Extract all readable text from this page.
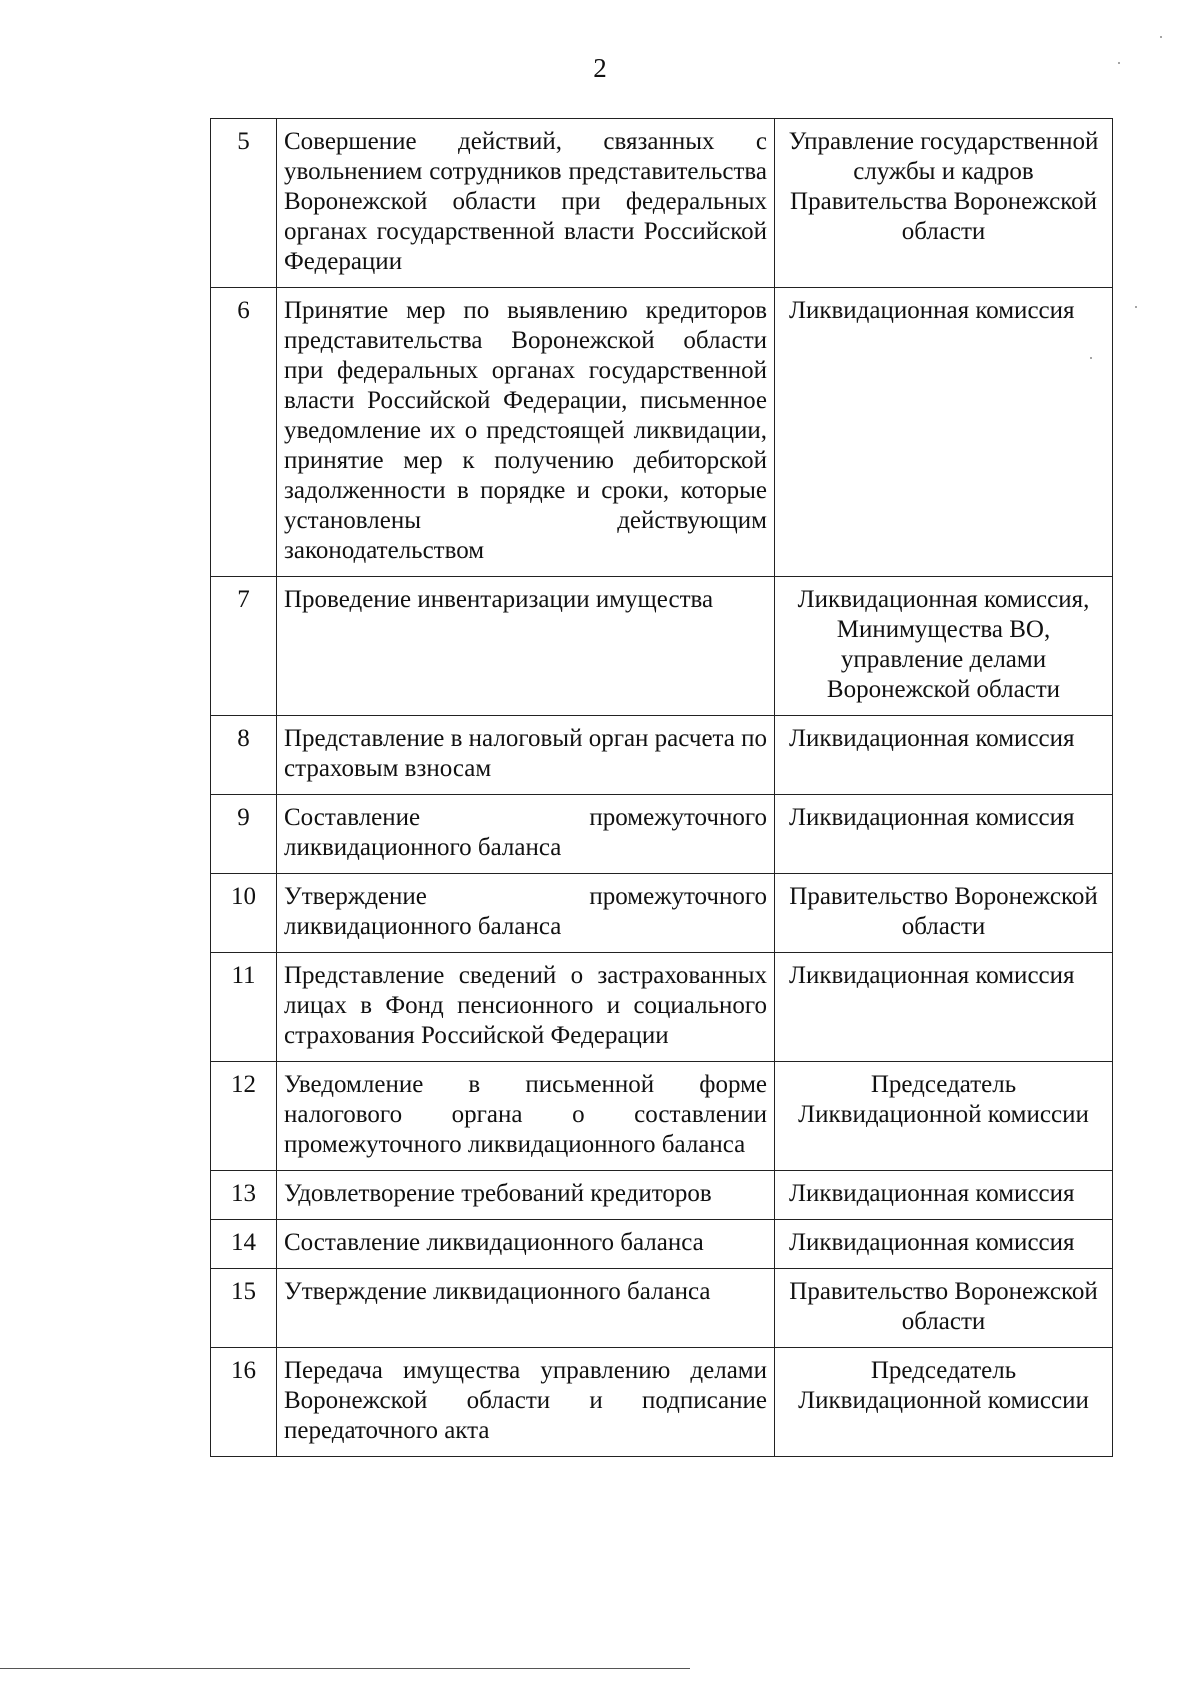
2
5	Совершение действий, связанных с увольнением сотрудников представительства Воронежской области при федеральных органах государственной власти Российской Федерации	Управление государственной службы и кадров Правительства Воронежской области
6	Принятие мер по выявлению кредиторов представительства Воронежской области при федеральных органах государственной власти Российской Федерации, письменное уведомление их о предстоящей ликвидации, принятие мер к получению дебиторской задолженности в порядке и сроки, которые установлены действующим законодательством	Ликвидационная комиссия
7	Проведение инвентаризации имущества	Ликвидационная комиссия, Минимущества ВО, управление делами Воронежской области
8	Представление в налоговый орган расчета по страховым взносам	Ликвидационная комиссия
9	Составление промежуточного ликвидационного баланса	Ликвидационная комиссия
10	Утверждение промежуточного ликвидационного баланса	Правительство Воронежской области
11	Представление сведений о застрахованных лицах в Фонд пенсионного и социального страхования Российской Федерации	Ликвидационная комиссия
12	Уведомление в письменной форме налогового органа о составлении промежуточного ликвидационного баланса	Председатель Ликвидационной комиссии
13	Удовлетворение требований кредиторов	Ликвидационная комиссия
14	Составление ликвидационного баланса	Ликвидационная комиссия
15	Утверждение ликвидационного баланса	Правительство Воронежской области
16	Передача имущества управлению делами Воронежской области и подписание передаточного акта	Председатель Ликвидационной комиссии
